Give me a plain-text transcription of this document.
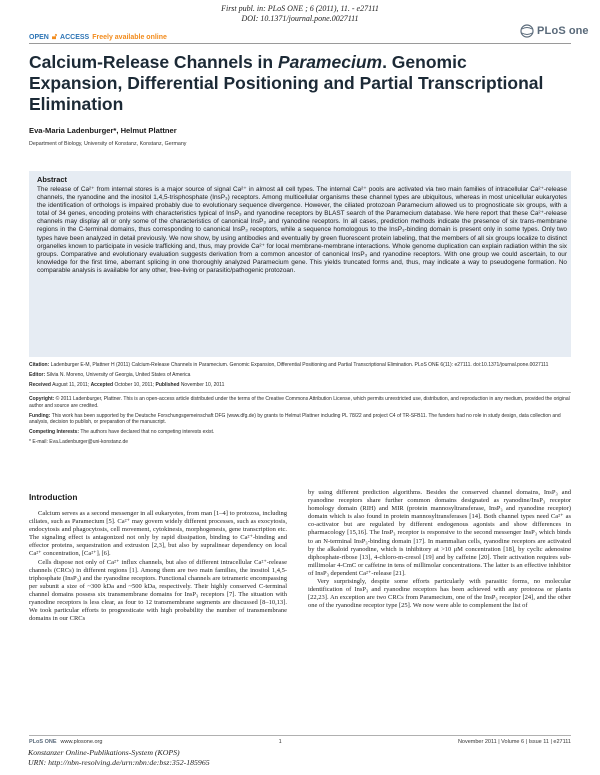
First publ. in: PLoS ONE ; 6 (2011), 11. - e27111
DOI: 10.1371/journal.pone.0027111
OPEN 🔓︎ ACCESS Freely available online	PLoS one
Calcium-Release Channels in Paramecium. Genomic Expansion, Differential Positioning and Partial Transcriptional Elimination
Eva-Maria Ladenburger*, Helmut Plattner
Department of Biology, University of Konstanz, Konstanz, Germany
Abstract
The release of Ca²⁺ from internal stores is a major source of signal Ca²⁺ in almost all cell types. The internal Ca²⁺ pools are activated via two main families of intracellular Ca²⁺-release channels, the ryanodine and the inositol 1,4,5-trisphosphate (InsP₃) receptors. Among multicellular organisms these channel types are ubiquitous, whereas in most unicellular eukaryotes the identification of orthologs is impaired probably due to evolutionary sequence divergence. However, the ciliated protozoan Paramecium allowed us to prognosticate six groups, with a total of 34 genes, encoding proteins with characteristics typical of InsP₃ and ryanodine receptors by BLAST search of the Paramecium database. We here report that these Ca²⁺-release channels may display all or only some of the characteristics of canonical InsP₃ and ryanodine receptors. In all cases, prediction methods indicate the presence of six trans-membrane regions in the C-terminal domains, thus corresponding to canonical InsP₃ receptors, while a sequence homologous to the InsP₃-binding domain is present only in some types. Only two types have been analyzed in detail previously. We now show, by using antibodies and eventually by green fluorescent protein labeling, that the members of all six groups localize to distinct organelles known to participate in vesicle trafficking and, thus, may provide Ca²⁺ for local membrane-membrane interactions. Whole genome duplication can explain radiation within the six groups. Comparative and evolutionary evaluation suggests derivation from a common ancestor of canonical InsP₃ and ryanodine receptors. With one group we could ascertain, to our knowledge for the first time, aberrant splicing in one thoroughly analyzed Paramecium gene. This yields truncated forms and, thus, may indicate a way to pseudogene formation. No comparable analysis is available for any other, free-living or parasitic/pathogenic protozoan.

Citation: Ladenburger E-M, Plattner H (2011) Calcium-Release Channels in Paramecium. Genomic Expansion, Differential Positioning and Partial Transcriptional Elimination. PLoS ONE 6(11): e27111. doi:10.1371/journal.pone.0027111

Editor: Silvia N. Moreno, University of Georgia, United States of America

Received August 11, 2011; Accepted October 10, 2011; Published November 10, 2011

Copyright: © 2011 Ladenburger, Plattner. This is an open-access article distributed under the terms of the Creative Commons Attribution License, which permits unrestricted use, distribution, and reproduction in any medium, provided the original author and source are credited.

Funding: This work has been supported by the Deutsche Forschungsgemeinschaft DFG (www.dfg.de) by grants to Helmut Plattner including PL 78/22 and project C4 of TR-SFB11. The funders had no role in study design, data collection and analysis, decision to publish, or preparation of the manuscript.

Competing Interests: The authors have declared that no competing interests exist.

* E-mail: Eva.Ladenburger@uni-konstanz.de

Introduction

Calcium serves as a second messenger in all eukaryotes, from man [1–4] to protozoa, including ciliates, such as Paramecium [5]. Ca²⁺ may govern widely different processes, such as exocytosis, endocytosis and phagocytosis, cell movement, cytokinesis, morphogenesis, gene transcription etc. The signaling effect is antagonized not only by rapid dissipation, binding to Ca²⁺-binding and effector proteins, sequestration and extrusion [2,3], but also by supralinear dependency on local Ca²⁺ concentration, [Ca²⁺]ᵢ [6].

Cells dispose not only of Ca²⁺ influx channels, but also of different intracellular Ca²⁺-release channels (CRCs) in different regions [1]. Among them are two main families, the inositol 1,4,5-triphosphate (InsP₃) and the ryanodine receptors. Functional channels are tetrameric encompassing per subunit a size of ~300 kDa and ~500 kDa, respectively. Their highly conserved C-terminal channel domains possess six transmembrane domains for InsP₃ receptors [7]. The situation with ryanodine receptors is less clear, as four to 12 transmembrane segments are discussed [8–10,13]. We took particular efforts to prognosticate with high probability the number of transmembrane domains in our CRCs

by using different prediction algorithms. Besides the conserved channel domains, InsP₃ and ryanodine receptors share further common domains designated as ryanodine/InsP₃ receptor homology domain (RIH) and MIR (protein mannosyltransferase, InsP₃ and ryanodine receptor) domain which is also found in protein mannosyltransferases [14]. Both channel types need Ca²⁺ as co-activator but are regulated by different endogenous agonists and show differences in pharmacology [15,16]. The InsP₃ receptor is responsive to the second messenger InsP₃ which binds to an N-terminal InsP₃-binding domain [17]. In mammalian cells, ryanodine receptors are activated by the alkaloid ryanodine, which is inhibitory at >10 μM concentration [18], by cyclic adenosine diphosphate-ribose [13], 4-chloro-m-cresol [19] and by caffeine [20]. Their activation requires sub-millimolar 4-CmC or caffeine in tens of millimolar concentrations. The latter is an effective inhibitor of InsP₃ dependent Ca²⁺-release [21].

Very surprisingly, despite some efforts particularly with parasitic forms, no molecular identification of InsP₃ and ryanodine receptors has been achieved with any protozoa or plants [22,23]. An exception are two CRCs from Paramecium, one of the InsP₃ receptor [24], and the other one of the ryanodine receptor type [25]. We now were able to complement the list of

PLoS ONE www.plosone.org	1	November 2011 | Volume 6 | Issue 11 | e27111
Konstanzer Online-Publikations-System (KOPS)
URN: http://nbn-resolving.de/urn:nbn:de:bsz:352-185965
